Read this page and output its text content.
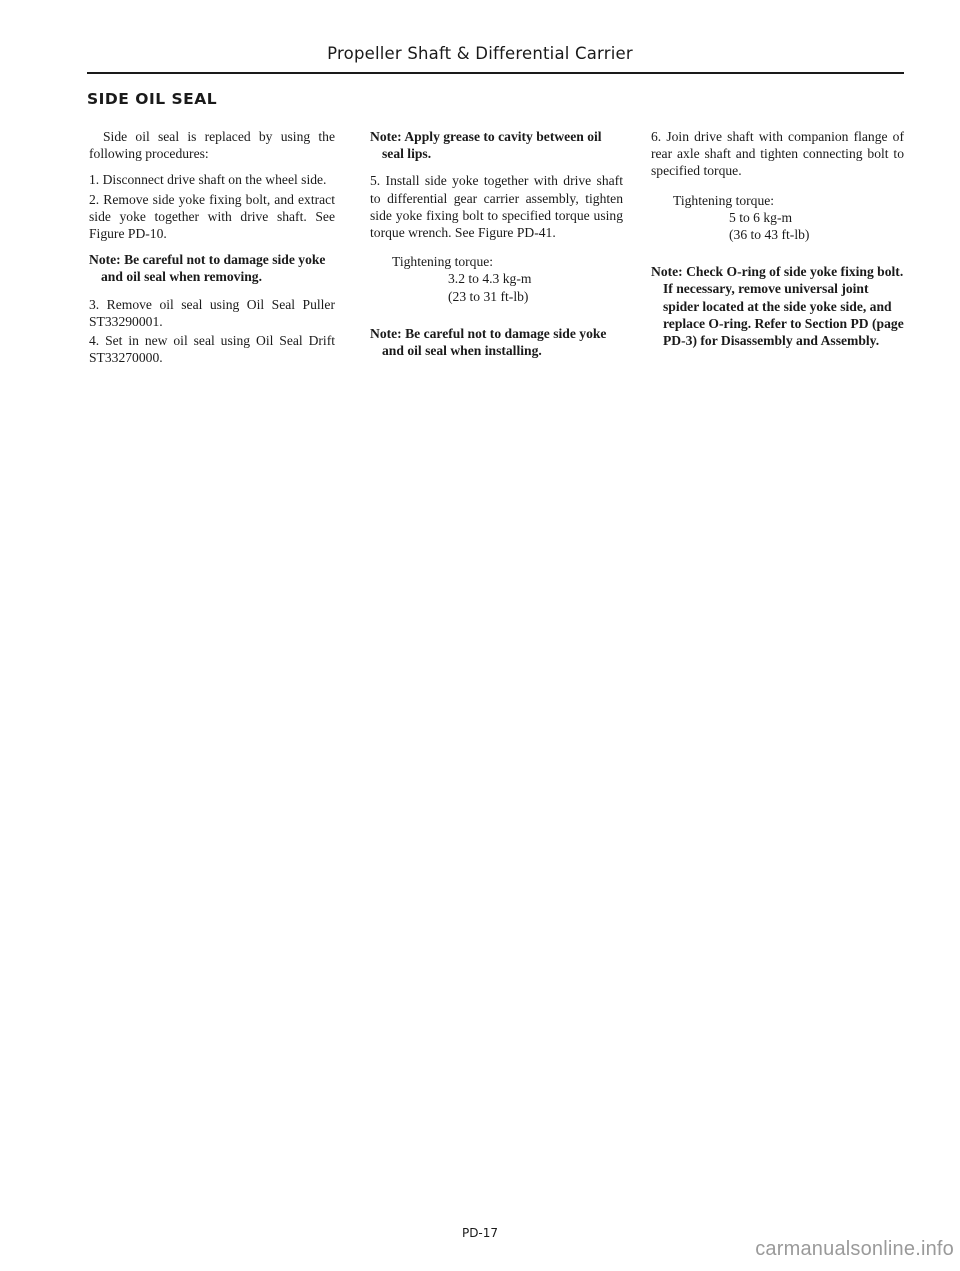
Propeller Shaft & Differential Carrier
SIDE OIL SEAL

Side oil seal is replaced by using the following procedures:

1. Disconnect drive shaft on the wheel side.

2. Remove side yoke fixing bolt, and extract side yoke together with drive shaft. See Figure PD-10.

Note: Be careful not to damage side yoke and oil seal when removing.

3. Remove oil seal using Oil Seal Puller ST33290001.

4. Set in new oil seal using Oil Seal Drift ST33270000.

Note: Apply grease to cavity between oil seal lips.

5. Install side yoke together with drive shaft to differential gear carrier assembly, tighten side yoke fixing bolt to specified torque using torque wrench. See Figure PD-41.

Tightening torque:
3.2 to 4.3 kg-m
(23 to 31 ft-lb)
Note: Be careful not to damage side yoke and oil seal when installing.

6. Join drive shaft with companion flange of rear axle shaft and tighten connecting bolt to specified torque.

Tightening torque:
5 to 6 kg-m
(36 to 43 ft-lb)
Note: Check O-ring of side yoke fixing bolt. If necessary, remove universal joint spider located at the side yoke side, and replace O-ring. Refer to Section PD (page PD-3) for Disassembly and Assembly.
PD-17
carmanualsonline.info
